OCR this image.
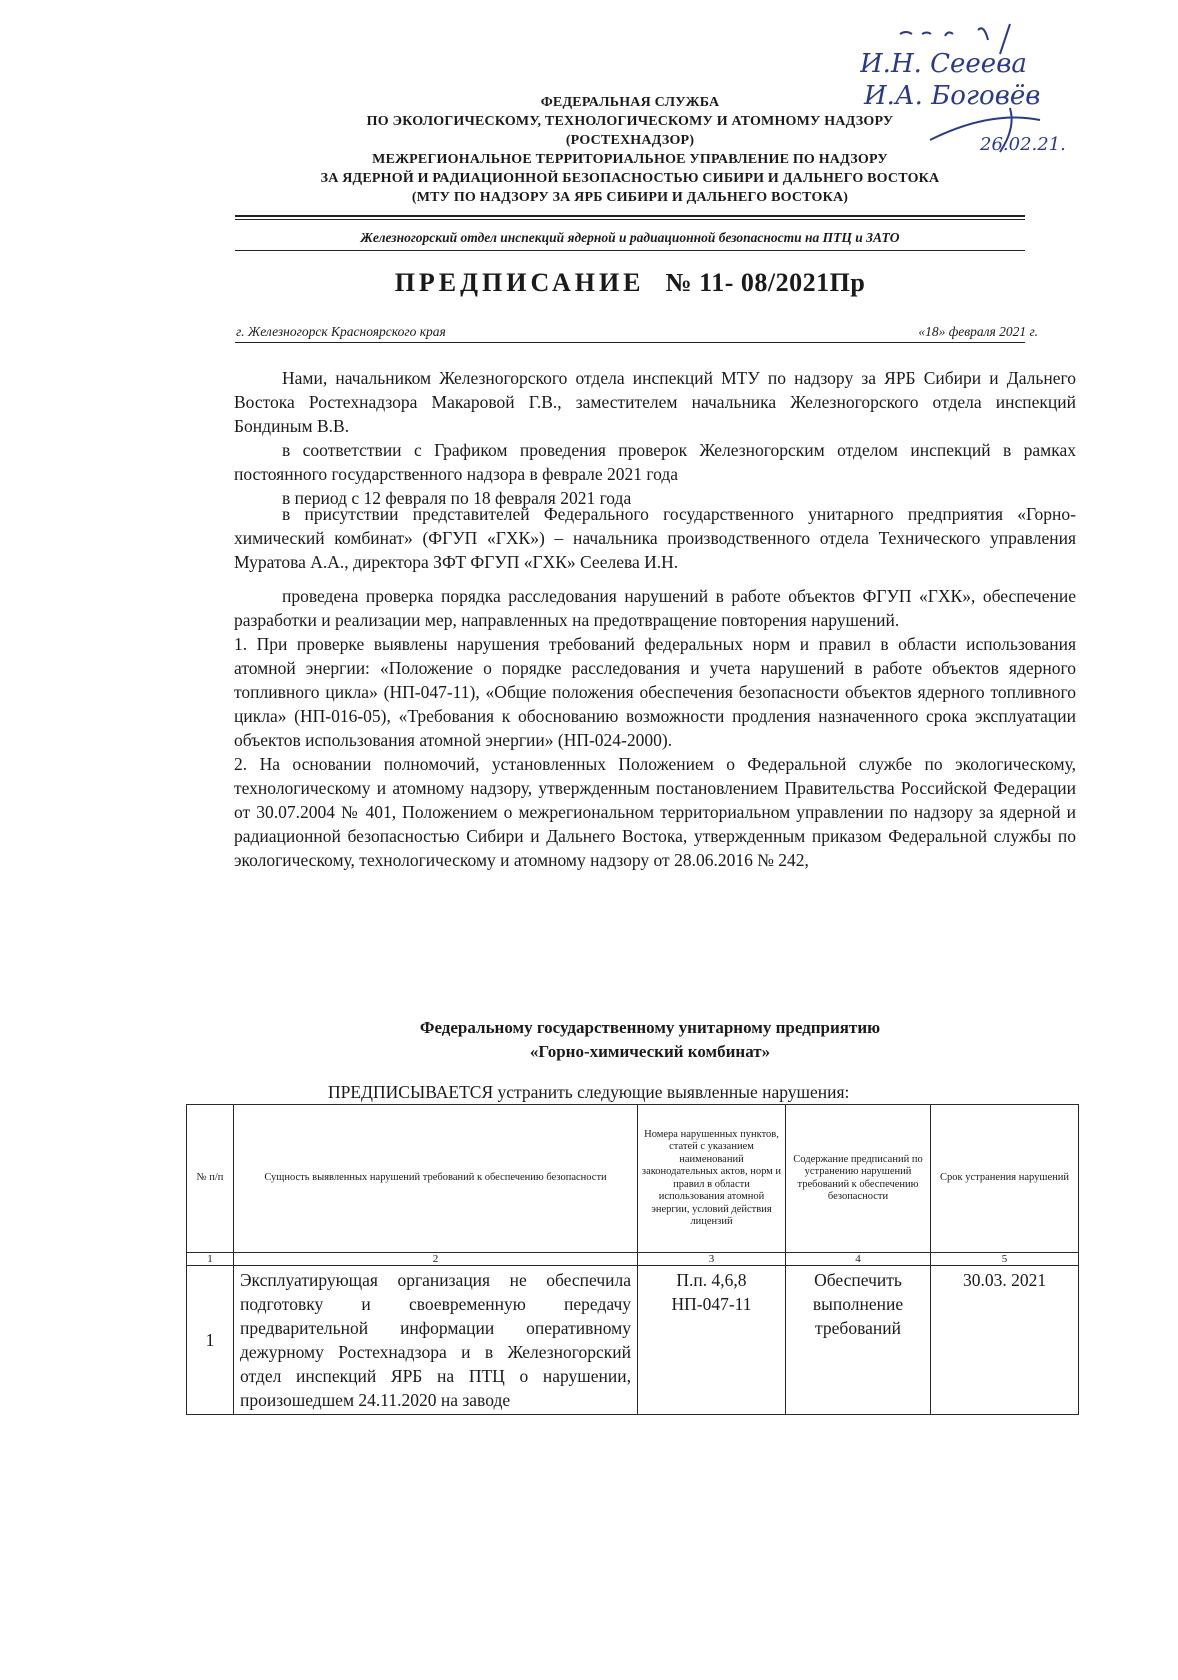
И.Н. Сееева
И.А. Боговёв
26.02.21.
ФЕДЕРАЛЬНАЯ СЛУЖБА
ПО ЭКОЛОГИЧЕСКОМУ, ТЕХНОЛОГИЧЕСКОМУ И АТОМНОМУ НАДЗОРУ
(РОСТЕХНАДЗОР)
МЕЖРЕГИОНАЛЬНОЕ ТЕРРИТОРИАЛЬНОЕ УПРАВЛЕНИЕ ПО НАДЗОРУ
ЗА ЯДЕРНОЙ И РАДИАЦИОННОЙ БЕЗОПАСНОСТЬЮ СИБИРИ И ДАЛЬНЕГО ВОСТОКА
(МТУ ПО НАДЗОРУ ЗА ЯРБ СИБИРИ И ДАЛЬНЕГО ВОСТОКА)
Железногорский отдел инспекций ядерной и радиационной безопасности на ПТЦ и ЗАТО
ПРЕДПИСАНИЕ № 11- 08/2021Пр
г. Железногорск Красноярского края	«18» февраля 2021 г.

Нами, начальником Железногорского отдела инспекций МТУ по надзору за ЯРБ Сибири и Дальнего Востока Ростехнадзора Макаровой Г.В., заместителем начальника Железногорского отдела инспекций Бондиным В.В.

в соответствии с Графиком проведения проверок Железногорским отделом инспекций в рамках постоянного государственного надзора в феврале 2021 года

в период с 12 февраля по 18 февраля 2021 года

в присутствии представителей Федерального государственного унитарного предприятия «Горно-химический комбинат» (ФГУП «ГХК») – начальника производственного отдела Технического управления Муратова А.А., директора ЗФТ ФГУП «ГХК» Сеелева И.Н.

проведена проверка порядка расследования нарушений в работе объектов ФГУП «ГХК», обеспечение разработки и реализации мер, направленных на предотвращение повторения нарушений.

1. При проверке выявлены нарушения требований федеральных норм и правил в области использования атомной энергии: «Положение о порядке расследования и учета нарушений в работе объектов ядерного топливного цикла» (НП-047-11), «Общие положения обеспечения безопасности объектов ядерного топливного цикла» (НП-016-05), «Требования к обоснованию возможности продления назначенного срока эксплуатации объектов использования атомной энергии» (НП-024-2000).

2. На основании полномочий, установленных Положением о Федеральной службе по экологическому, технологическому и атомному надзору, утвержденным постановлением Правительства Российской Федерации от 30.07.2004 № 401, Положением о межрегиональном территориальном управлении по надзору за ядерной и радиационной безопасностью Сибири и Дальнего Востока, утвержденным приказом Федеральной службы по экологическому, технологическому и атомному надзору от 28.06.2016 № 242,

Федеральному государственному унитарному предприятию
«Горно-химический комбинат»
ПРЕДПИСЫВАЕТСЯ устранить следующие выявленные нарушения:
№ п/п	Сущность выявленных нарушений требований к обеспечению безопасности	Номера нарушенных пунктов, статей с указанием наименований законодательных актов, норм и правил в области использования атомной энергии, условий действия лицензий	Содержание предписаний по устранению нарушений требований к обеспечению безопасности	Срок устранения нарушений
1	2	3	4	5
1	Эксплуатирующая организация не обеспечила подготовку и своевременную передачу предварительной информации оперативному дежурному Ростехнадзора и в Железногорский отдел инспекций ЯРБ на ПТЦ о нарушении, произошедшем 24.11.2020 на заводе	П.п. 4,6,8 НП-047-11	Обеспечить выполнение требований	30.03. 2021
